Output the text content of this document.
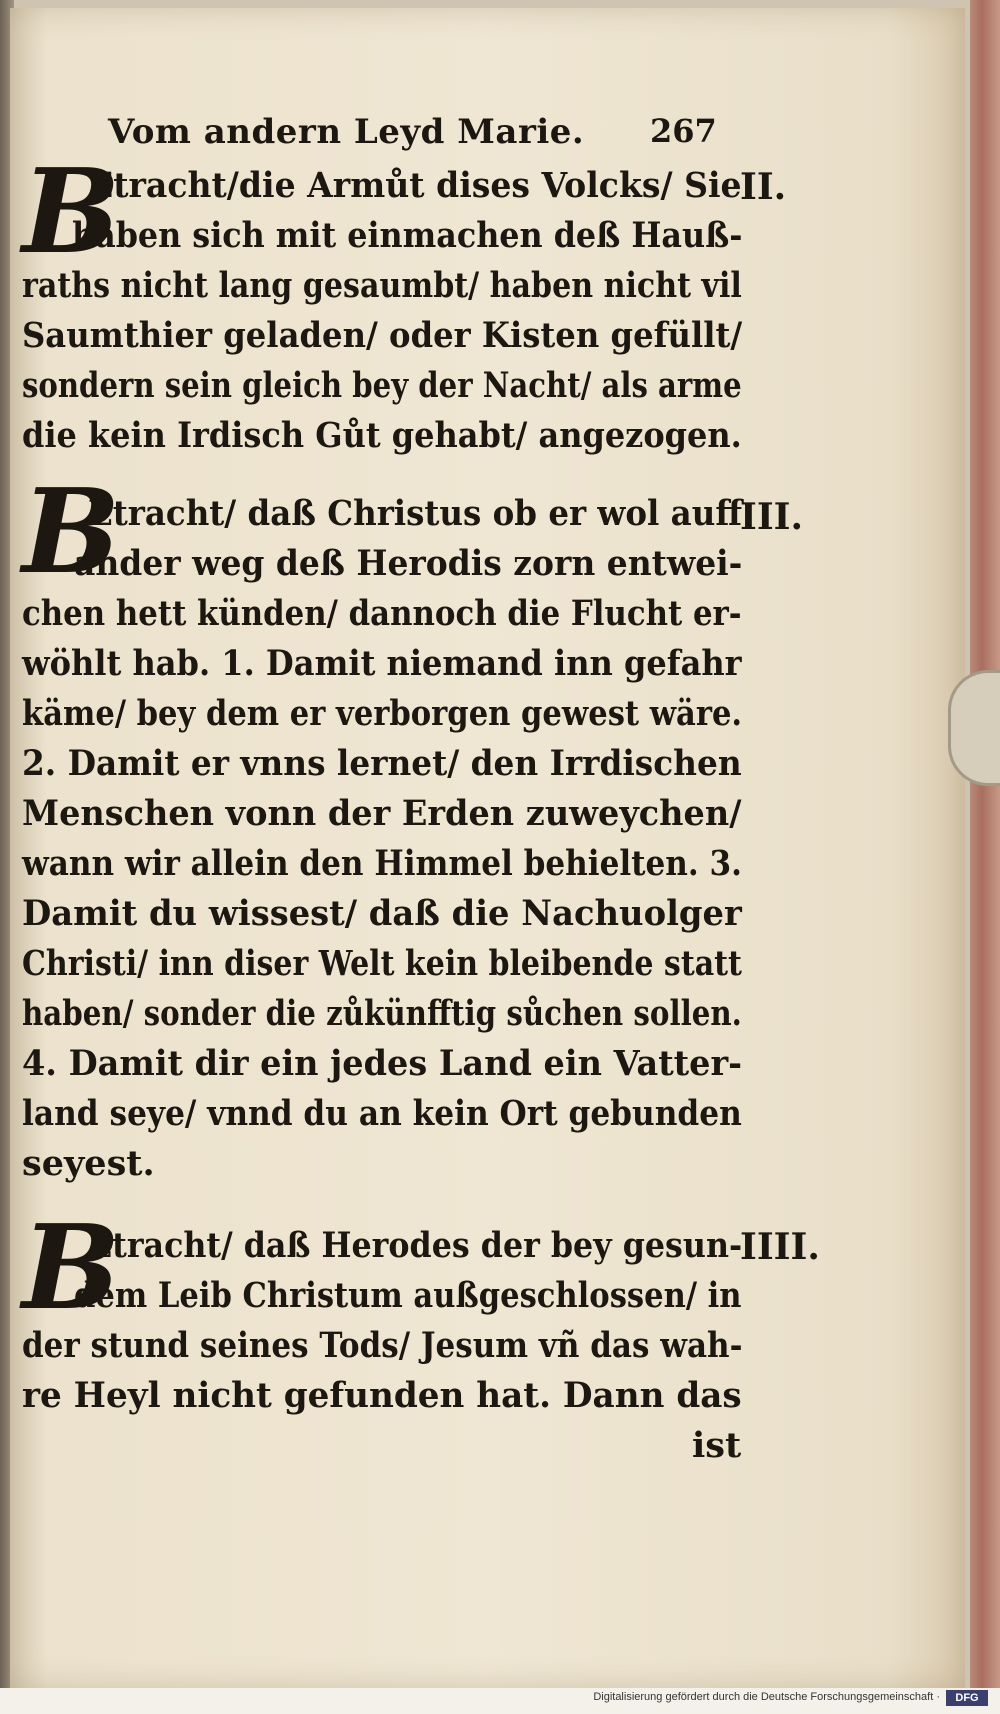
Vom andern Leyd Marie. 267
B
Etracht/die Armůt dises Volcks/ Sie
haben sich mit einmachen deß Hauß-
raths nicht lang gesaumbt/ haben nicht vil
Saumthier geladen/ oder Kisten gefüllt/
sondern sein gleich bey der Nacht/ als arme
die kein Irdisch Gůt gehabt/ angezogen.
II.
B
Etracht/ daß Christus ob er wol auff
ander weg deß Herodis zorn entwei-
chen hett künden/ dannoch die Flucht er-
wöhlt hab. 1. Damit niemand inn gefahr
käme/ bey dem er verborgen gewest wäre.
2. Damit er vnns lernet/ den Irrdischen
Menschen vonn der Erden zuweychen/
wann wir allein den Himmel behielten. 3.
Damit du wissest/ daß die Nachuolger
Christi/ inn diser Welt kein bleibende statt
haben/ sonder die zůkünfftig sůchen sollen.
4. Damit dir ein jedes Land ein Vatter-
land seye/ vnnd du an kein Ort gebunden
seyest.
III.
B
Etracht/ daß Herodes der bey gesun-
dem Leib Christum außgeschlossen/ in
der stund seines Tods/ Jesum vñ das wah-
re Heyl nicht gefunden hat. Dann das
ist
IIII.
Digitalisierung gefördert durch die Deutsche Forschungsgemeinschaft ·	DFG
